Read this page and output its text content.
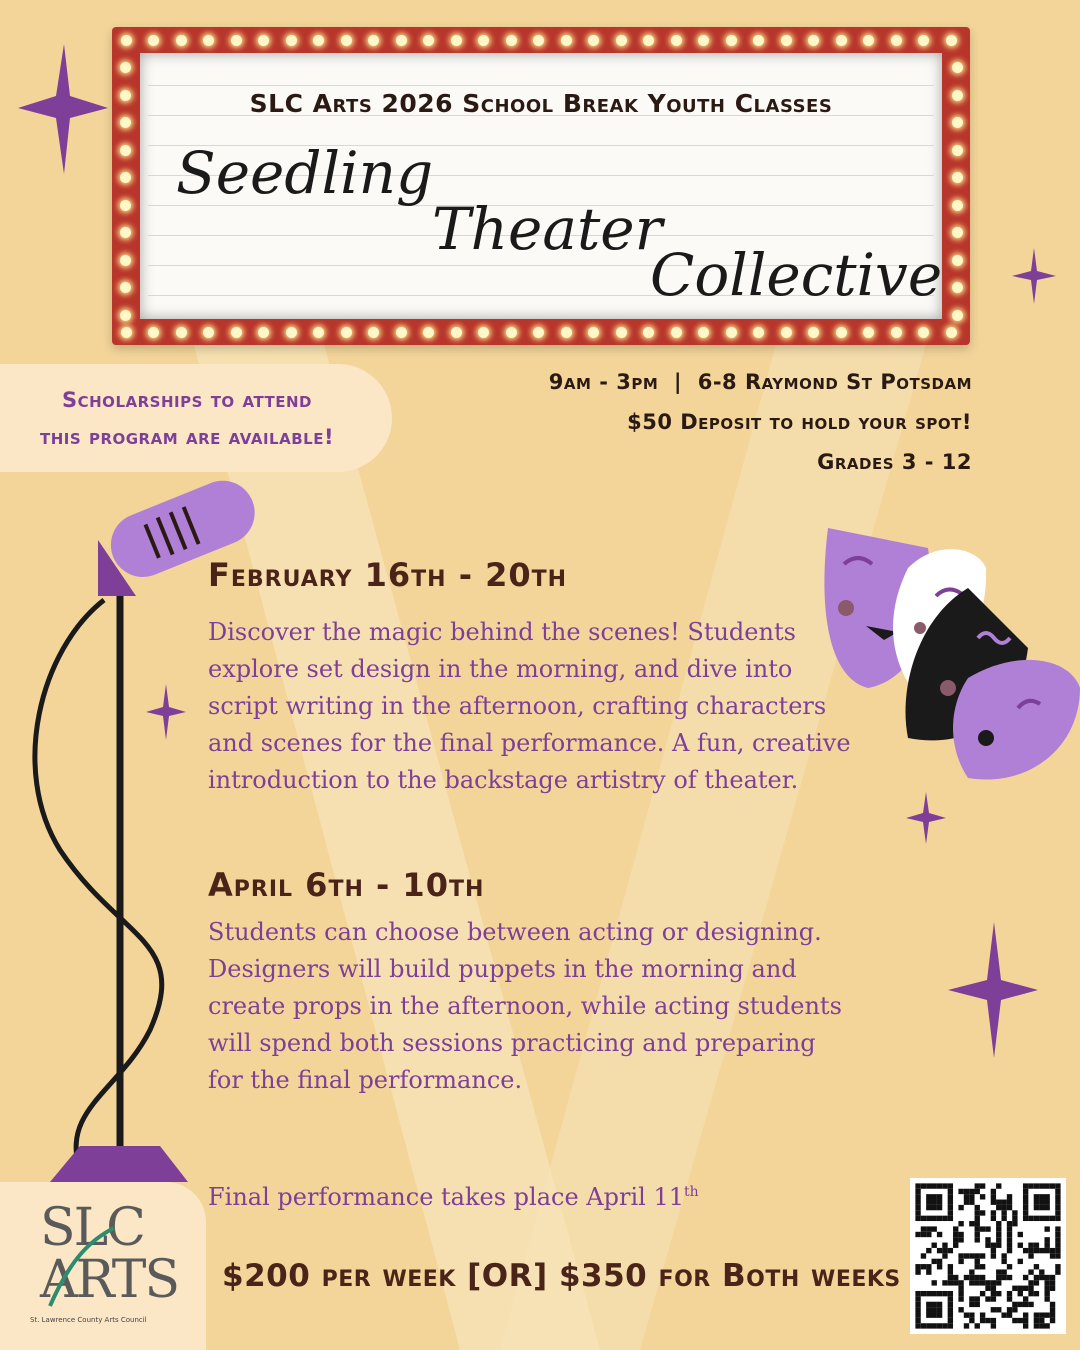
SLC Arts 2026 School Break Youth Classes
Seedling
Theater
Collective
Scholarships to attend
this program are available!
9am - 3pm  |  6-8 Raymond St Potsdam
$50 Deposit to hold your spot!
Grades 3 - 12
February 16th - 20th
Discover the magic behind the scenes! Students explore set design in the morning, and dive into script writing in the afternoon, crafting characters and scenes for the final performance. A fun, creative introduction to the backstage artistry of theater.
April 6th - 10th
Students can choose between acting or designing. Designers will build puppets in the morning and create props in the afternoon, while acting students will spend both sessions practicing and preparing for the final performance.
Final performance takes place April 11th
SLC
ARTS
St. Lawrence County Arts Council
$200 per week [OR] $350 for Both weeks
